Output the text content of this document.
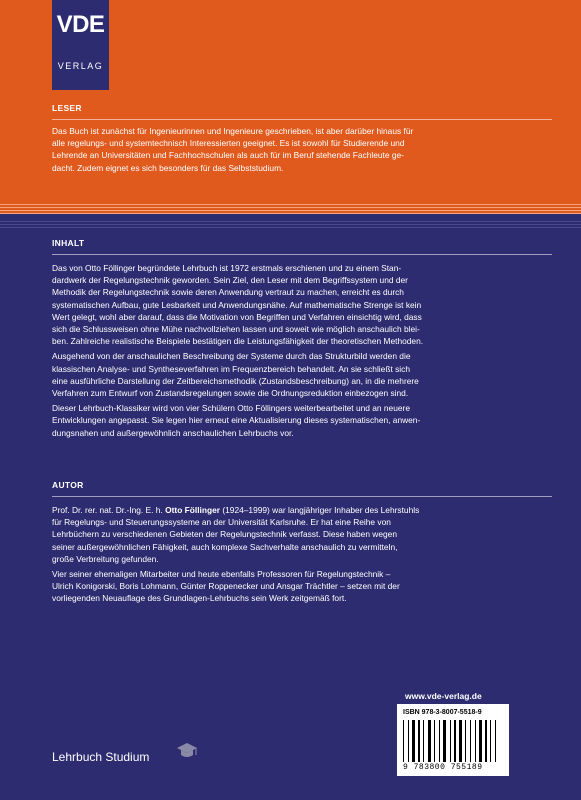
VDE
VERLAG
LESER

Das Buch ist zunächst für Ingenieurinnen und Ingenieure geschrieben, ist aber darüber hinaus für
alle regelungs- und systemtechnisch Interessierten geeignet. Es ist sowohl für Studierende und
Lehrende an Universitäten und Fachhochschulen als auch für im Beruf stehende Fachleute ge-
dacht. Zudem eignet es sich besonders für das Selbststudium.

INHALT

Das von Otto Föllinger begründete Lehrbuch ist 1972 erstmals erschienen und zu einem Stan-
dardwerk der Regelungstechnik geworden. Sein Ziel, den Leser mit dem Begriffssystem und der
Methodik der Regelungstechnik sowie deren Anwendung vertraut zu machen, erreicht es durch
systematischen Aufbau, gute Lesbarkeit und Anwendungsnähe. Auf mathematische Strenge ist kein
Wert gelegt, wohl aber darauf, dass die Motivation von Begriffen und Verfahren einsichtig wird, dass
sich die Schlussweisen ohne Mühe nachvollziehen lassen und soweit wie möglich anschaulich blei-
ben. Zahlreiche realistische Beispiele bestätigen die Leistungsfähigkeit der theoretischen Methoden.

Ausgehend von der anschaulichen Beschreibung der Systeme durch das Strukturbild werden die
klassischen Analyse- und Syntheseverfahren im Frequenzbereich behandelt. An sie schließt sich
eine ausführliche Darstellung der Zeitbereichsmethodik (Zustandsbeschreibung) an, in die mehrere
Verfahren zum Entwurf von Zustandsregelungen sowie die Ordnungsreduktion einbezogen sind.

Dieser Lehrbuch-Klassiker wird von vier Schülern Otto Föllingers weiterbearbeitet und an neuere
Entwicklungen angepasst. Sie legen hier erneut eine Aktualisierung dieses systematischen, anwen-
dungsnahen und außergewöhnlich anschaulichen Lehrbuchs vor.

AUTOR

Prof. Dr. rer. nat. Dr.-Ing. E. h. Otto Föllinger (1924–1999) war langjähriger Inhaber des Lehrstuhls
für Regelungs- und Steuerungssysteme an der Universität Karlsruhe. Er hat eine Reihe von
Lehrbüchern zu verschiedenen Gebieten der Regelungstechnik verfasst. Diese haben wegen
seiner außergewöhnlichen Fähigkeit, auch komplexe Sachverhalte anschaulich zu vermitteln,
große Verbreitung gefunden.

Vier seiner ehemaligen Mitarbeiter und heute ebenfalls Professoren für Regelungstechnik –
Ulrich Konigorski, Boris Lohmann, Günter Roppenecker und Ansgar Trächtler – setzen mit der
vorliegenden Neuauflage des Grundlagen-Lehrbuchs sein Werk zeitgemäß fort.

www.vde-verlag.de
ISBN 978-3-8007-5518-9
9 783800 755189
Lehrbuch Studium
